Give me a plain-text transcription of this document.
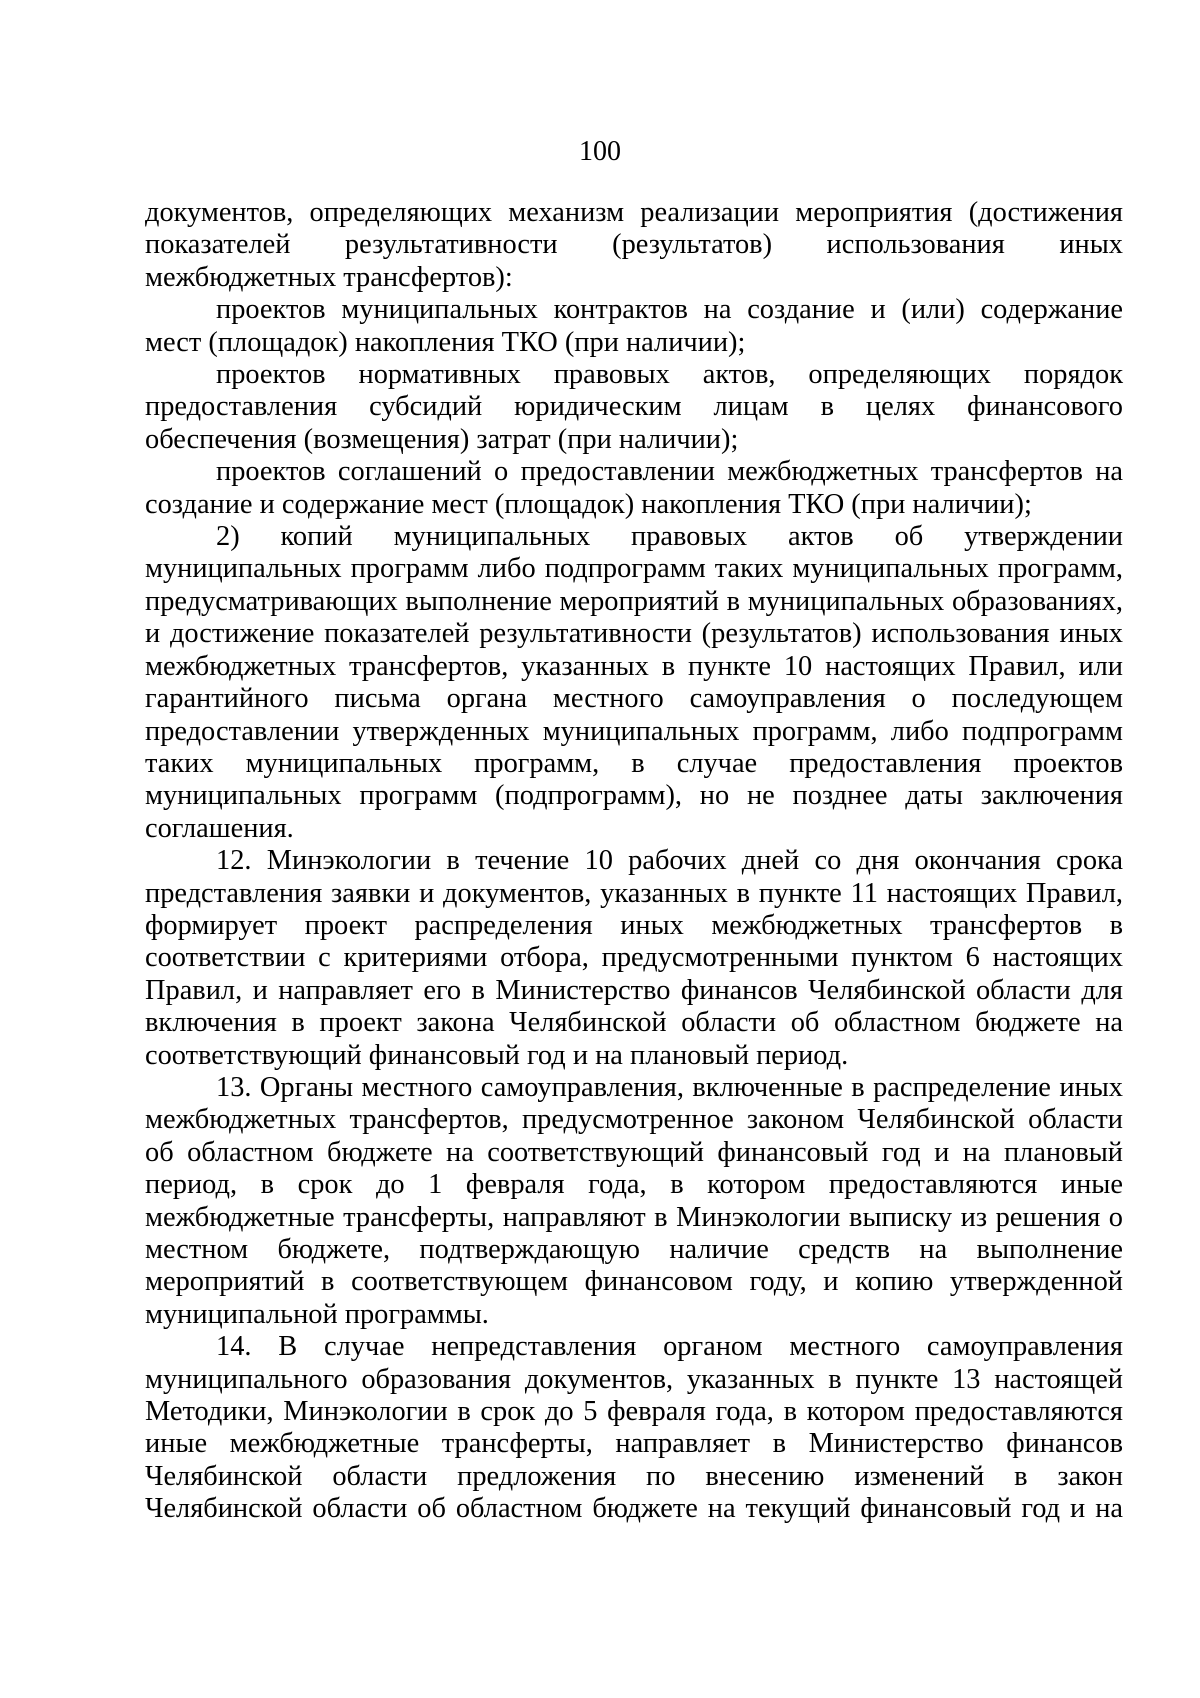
100

документов, определяющих механизм реализации мероприятия (достижения показателей результативности (результатов) использования иных межбюджетных трансфертов):

проектов муниципальных контрактов на создание и (или) содержание мест (площадок) накопления ТКО (при наличии);

проектов нормативных правовых актов, определяющих порядок предоставления субсидий юридическим лицам в целях финансового обеспечения (возмещения) затрат (при наличии);

проектов соглашений о предоставлении межбюджетных трансфертов на создание и содержание мест (площадок) накопления ТКО (при наличии);

2) копий муниципальных правовых актов об утверждении муниципальных программ либо подпрограмм таких муниципальных программ, предусматривающих выполнение мероприятий в муниципальных образованиях, и достижение показателей результативности (результатов) использования иных межбюджетных трансфертов, указанных в пункте 10 настоящих Правил, или гарантийного письма органа местного самоуправления о последующем предоставлении утвержденных муниципальных программ, либо подпрограмм таких муниципальных программ, в случае предоставления проектов муниципальных программ (подпрограмм), но не позднее даты заключения соглашения.

12. Минэкологии в течение 10 рабочих дней со дня окончания срока представления заявки и документов, указанных в пункте 11 настоящих Правил, формирует проект распределения иных межбюджетных трансфертов в соответствии с критериями отбора, предусмотренными пунктом 6 настоящих Правил, и направляет его в Министерство финансов Челябинской области для включения в проект закона Челябинской области об областном бюджете на соответствующий финансовый год и на плановый период.

13. Органы местного самоуправления, включенные в распределение иных межбюджетных трансфертов, предусмотренное законом Челябинской области об областном бюджете на соответствующий финансовый год и на плановый период, в срок до 1 февраля года, в котором предоставляются иные межбюджетные трансферты, направляют в Минэкологии выписку из решения о местном бюджете, подтверждающую наличие средств на выполнение мероприятий в соответствующем финансовом году, и копию утвержденной муниципальной программы.

14. В случае непредставления органом местного самоуправления муниципального образования документов, указанных в пункте 13 настоящей Методики, Минэкологии в срок до 5 февраля года, в котором предоставляются иные межбюджетные трансферты, направляет в Министерство финансов Челябинской области предложения по внесению изменений в закон Челябинской области об областном бюджете на текущий финансовый год и на
